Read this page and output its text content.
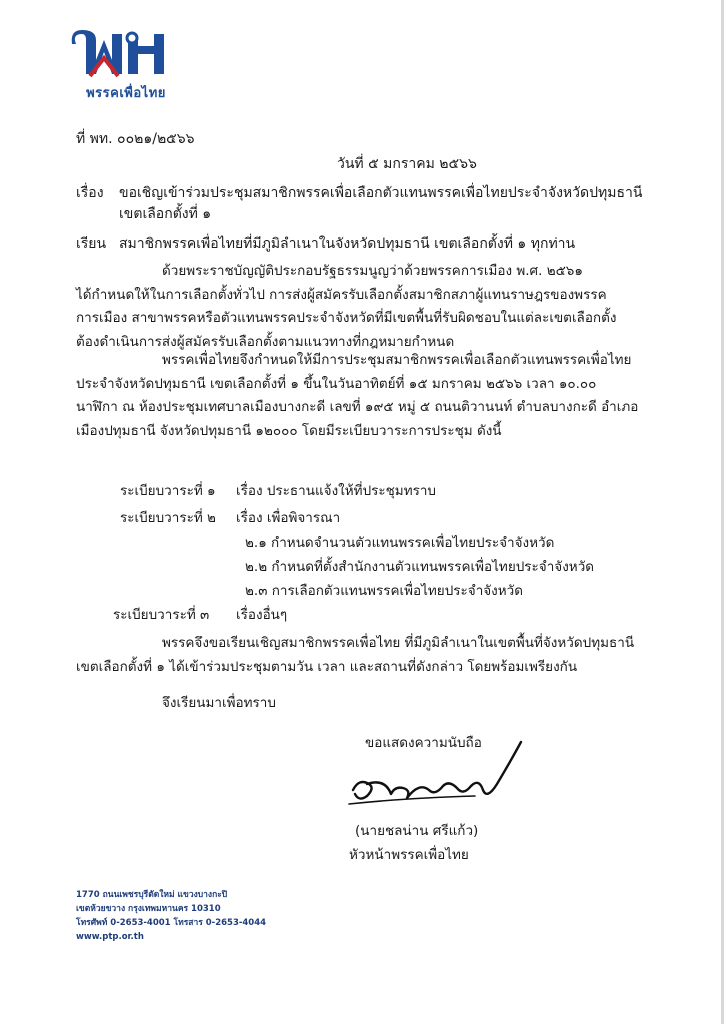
พรรคเพื่อไทย
ที่ พท. ๐๐๒๑/๒๕๖๖
วันที่ ๕ มกราคม ๒๕๖๖
เรื่อง ขอเชิญเข้าร่วมประชุมสมาชิกพรรคเพื่อเลือกตัวแทนพรรคเพื่อไทยประจำจังหวัดปทุมธานี
เขตเลือกตั้งที่ ๑
เรียน สมาชิกพรรคเพื่อไทยที่มีภูมิลำเนาในจังหวัดปทุมธานี เขตเลือกตั้งที่ ๑ ทุกท่าน
ด้วยพระราชบัญญัติประกอบรัฐธรรมนูญว่าด้วยพรรคการเมือง พ.ศ. ๒๕๖๑
ได้กำหนดให้ในการเลือกตั้งทั่วไป การส่งผู้สมัครรับเลือกตั้งสมาชิกสภาผู้แทนราษฎรของพรรค
การเมือง สาขาพรรคหรือตัวแทนพรรคประจำจังหวัดที่มีเขตพื้นที่รับผิดชอบในแต่ละเขตเลือกตั้ง
ต้องดำเนินการส่งผู้สมัครรับเลือกตั้งตามแนวทางที่กฎหมายกำหนด
พรรคเพื่อไทยจึงกำหนดให้มีการประชุมสมาชิกพรรคเพื่อเลือกตัวแทนพรรคเพื่อไทย
ประจำจังหวัดปทุมธานี เขตเลือกตั้งที่ ๑ ขึ้นในวันอาทิตย์ที่ ๑๕ มกราคม ๒๕๖๖ เวลา ๑๐.๐๐
นาฬิกา ณ ห้องประชุมเทศบาลเมืองบางกะดี เลขที่ ๑๙๕ หมู่ ๕ ถนนติวานนท์ ตำบลบางกะดี อำเภอ
เมืองปทุมธานี จังหวัดปทุมธานี ๑๒๐๐๐ โดยมีระเบียบวาระการประชุม ดังนี้
ระเบียบวาระที่ ๑ เรื่อง ประธานแจ้งให้ที่ประชุมทราบ
ระเบียบวาระที่ ๒ เรื่อง เพื่อพิจารณา
๒.๑ กำหนดจำนวนตัวแทนพรรคเพื่อไทยประจำจังหวัด
๒.๒ กำหนดที่ตั้งสำนักงานตัวแทนพรรคเพื่อไทยประจำจังหวัด
๒.๓ การเลือกตัวแทนพรรคเพื่อไทยประจำจังหวัด
ระเบียบวาระที่ ๓ เรื่องอื่นๆ
พรรคจึงขอเรียนเชิญสมาชิกพรรคเพื่อไทย ที่มีภูมิลำเนาในเขตพื้นที่จังหวัดปทุมธานี
เขตเลือกตั้งที่ ๑ ได้เข้าร่วมประชุมตามวัน เวลา และสถานที่ดังกล่าว โดยพร้อมเพรียงกัน
จึงเรียนมาเพื่อทราบ
ขอแสดงความนับถือ
(นายชลน่าน ศรีแก้ว)
หัวหน้าพรรคเพื่อไทย
1770 ถนนเพชรบุรีตัดใหม่ แขวงบางกะปิ
เขตห้วยขวาง กรุงเทพมหานคร 10310
โทรศัพท์ 0-2653-4001 โทรสาร 0-2653-4044
www.ptp.or.th
